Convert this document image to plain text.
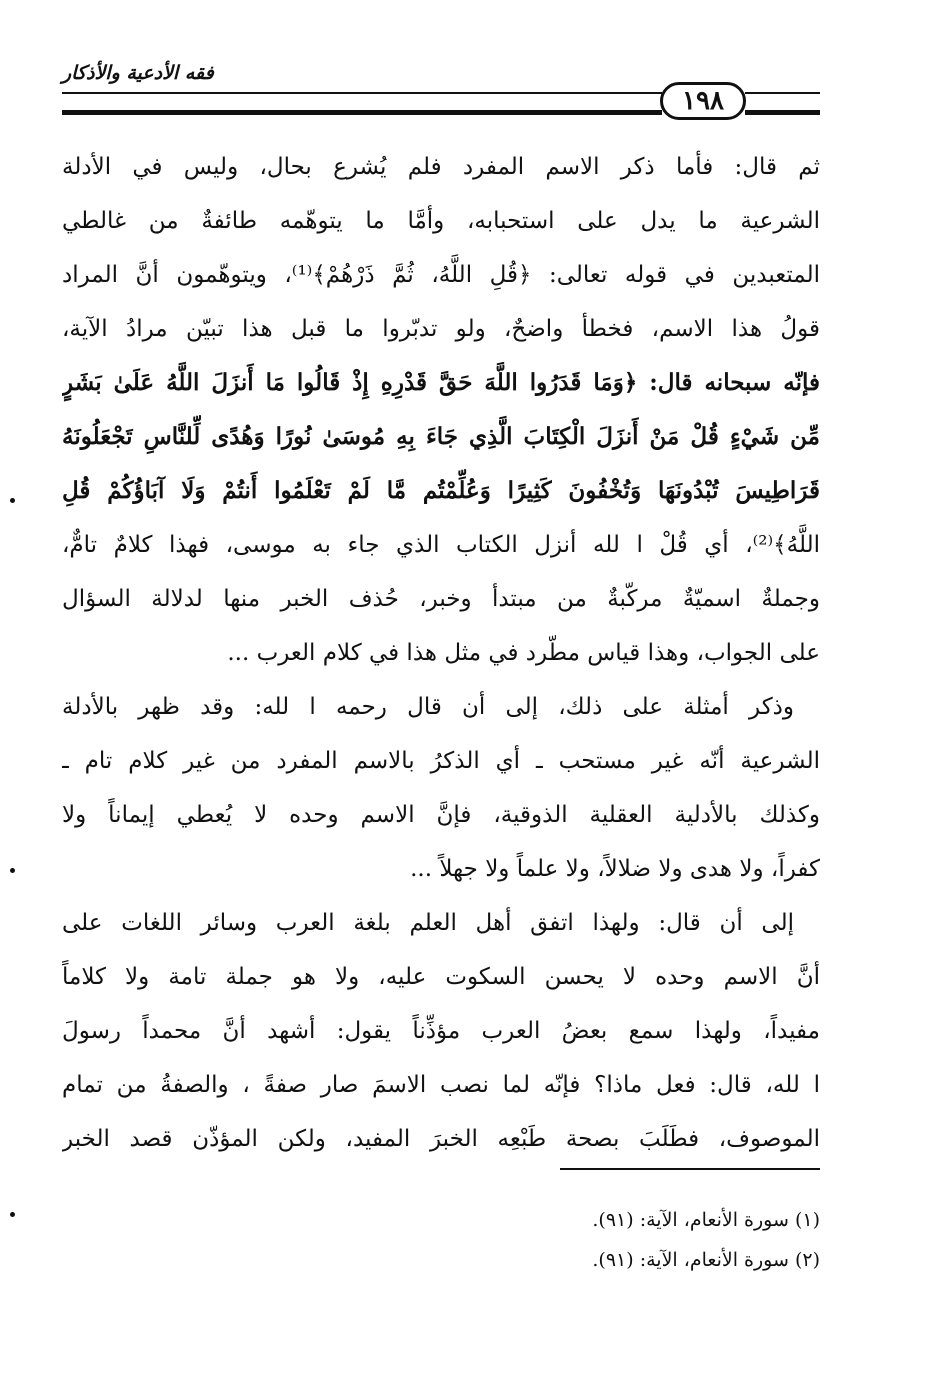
فقه الأدعية والأذكار
١٩٨
ثم قال: فأما ذكر الاسم المفرد فلم يُشرع بحال، وليس في الأدلة
الشرعية ما يدل على استحبابه، وأمَّا ما يتوهّمه طائفةٌ من غالطي
المتعبدين في قوله تعالى: ﴿قُلِ اللَّهُ، ثُمَّ ذَرْهُمْ﴾⁽¹⁾، ويتوهّمون أنَّ المراد
قولُ هذا الاسم، فخطأ واضحٌ، ولو تدبّروا ما قبل هذا تبيّن مرادُ الآية،
فإنّه سبحانه قال: ﴿وَمَا قَدَرُوا اللَّهَ حَقَّ قَدْرِهِ إِذْ قَالُوا مَا أَنزَلَ اللَّهُ عَلَىٰ بَشَرٍ
مِّن شَيْءٍ قُلْ مَنْ أَنزَلَ الْكِتَابَ الَّذِي جَاءَ بِهِ مُوسَىٰ نُورًا وَهُدًى لِّلنَّاسِ تَجْعَلُونَهُ
قَرَاطِيسَ تُبْدُونَهَا وَتُخْفُونَ كَثِيرًا وَعُلِّمْتُم مَّا لَمْ تَعْلَمُوا أَنتُمْ وَلَا آبَاؤُكُمْ قُلِ
اللَّهُ﴾⁽²⁾، أي قُلْ ا لله أنزل الكتاب الذي جاء به موسى، فهذا كلامٌ تامٌّ،
وجملةٌ اسميّةٌ مركّبةٌ من مبتدأ وخبر، حُذف الخبر منها لدلالة السؤال
على الجواب، وهذا قياس مطّرد في مثل هذا في كلام العرب ...
وذكر أمثلة على ذلك، إلى أن قال رحمه ا لله: وقد ظهر بالأدلة
الشرعية أنّه غير مستحب ـ أي الذكرُ بالاسم المفرد من غير كلام تام ـ
وكذلك بالأدلية العقلية الذوقية، فإنَّ الاسم وحده لا يُعطي إيماناً ولا
كفراً، ولا هدى ولا ضلالاً، ولا علماً ولا جهلاً ...
إلى أن قال: ولهذا اتفق أهل العلم بلغة العرب وسائر اللغات على
أنَّ الاسم وحده لا يحسن السكوت عليه، ولا هو جملة تامة ولا كلاماً
مفيداً، ولهذا سمع بعضُ العرب مؤذِّناً يقول: أشهد أنَّ محمداً رسولَ
ا لله، قال: فعل ماذا؟ فإنّه لما نصب الاسمَ صار صفةً ، والصفةُ من تمام
الموصوف، فطَلَبَ بصحة طَبْعِه الخبرَ المفيد، ولكن المؤذّن قصد الخبر
(١) سورة الأنعام، الآية: (٩١).
(٢) سورة الأنعام، الآية: (٩١).
